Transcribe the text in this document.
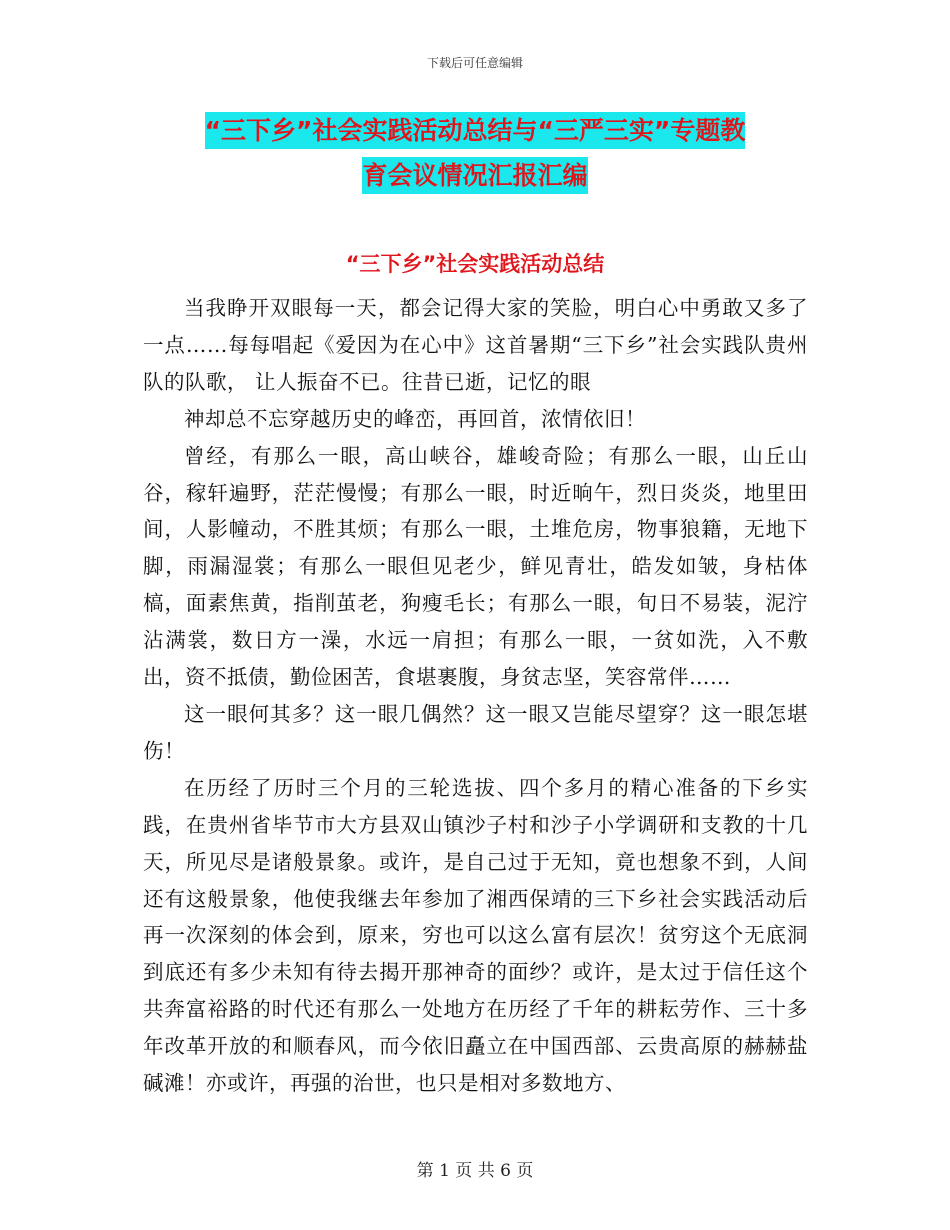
下载后可任意编辑
“三下乡”社会实践活动总结与“三严三实”专题教
育会议情况汇报汇编
“三下乡”社会实践活动总结

当我睁开双眼每一天，都会记得大家的笑脸，明白心中勇敢又多了一点……每每唱起《爱因为在心中》这首暑期“三下乡”社会实践队贵州队的队歌， 让人振奋不已。往昔已逝，记忆的眼

神却总不忘穿越历史的峰峦，再回首，浓情依旧！

曾经，有那么一眼，高山峡谷，雄峻奇险；有那么一眼，山丘山谷，稼轩遍野，茫茫慢慢；有那么一眼，时近晌午，烈日炎炎，地里田间，人影幢动，不胜其烦；有那么一眼，土堆危房，物事狼籍，无地下脚，雨漏湿裳；有那么一眼但见老少，鲜见青壮，皓发如皱，身枯体槁，面素焦黄，指削茧老，狗瘦毛长；有那么一眼，旬日不易装，泥泞沾满裳，数日方一澡，水远一肩担；有那么一眼，一贫如洗，入不敷出，资不抵债，勤俭困苦，食堪裹腹，身贫志坚，笑容常伴……

这一眼何其多？这一眼几偶然？这一眼又岂能尽望穿？这一眼怎堪伤！

在历经了历时三个月的三轮选拔、四个多月的精心准备的下乡实践，在贵州省毕节市大方县双山镇沙子村和沙子小学调研和支教的十几天，所见尽是诸般景象。或许，是自己过于无知，竟也想象不到，人间还有这般景象，他使我继去年参加了湘西保靖的三下乡社会实践活动后再一次深刻的体会到，原来，穷也可以这么富有层次！贫穷这个无底洞到底还有多少未知有待去揭开那神奇的面纱？或许，是太过于信任这个共奔富裕路的时代还有那么一处地方在历经了千年的耕耘劳作、三十多年改革开放的和顺春风，而今依旧矗立在中国西部、云贵高原的赫赫盐碱滩！亦或许，再强的治世，也只是相对多数地方、

第 1 页 共 6 页
